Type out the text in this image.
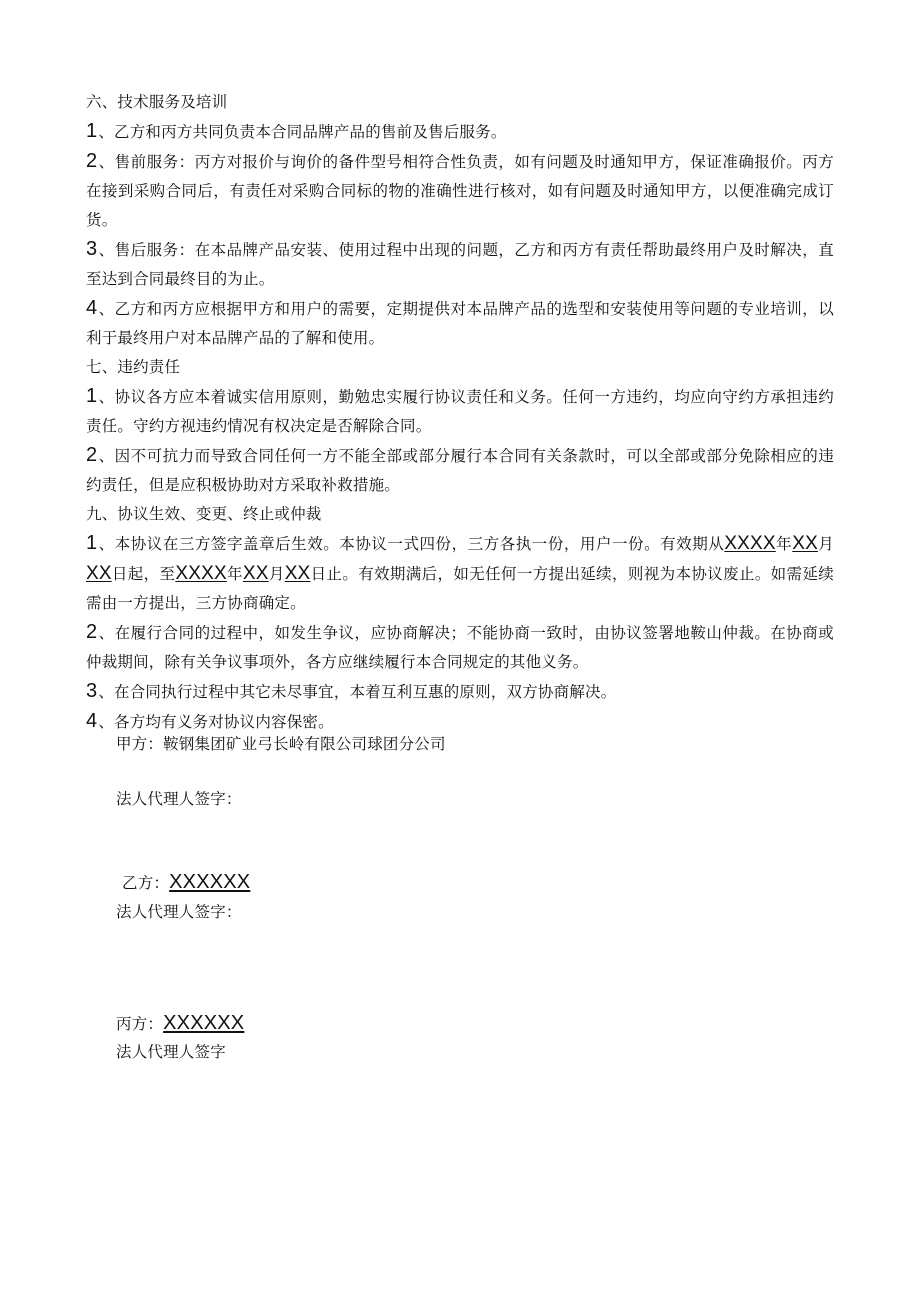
六、技术服务及培训

1、乙方和丙方共同负责本合同品牌产品的售前及售后服务。

2、售前服务：丙方对报价与询价的备件型号相符合性负责，如有问题及时通知甲方，保证准确报价。丙方在接到采购合同后，有责任对采购合同标的物的准确性进行核对，如有问题及时通知甲方，以便准确完成订货。

3、售后服务：在本品牌产品安装、使用过程中出现的问题，乙方和丙方有责任帮助最终用户及时解决，直至达到合同最终目的为止。

4、乙方和丙方应根据甲方和用户的需要，定期提供对本品牌产品的选型和安装使用等问题的专业培训，以利于最终用户对本品牌产品的了解和使用。

七、违约责任

1、协议各方应本着诚实信用原则，勤勉忠实履行协议责任和义务。任何一方违约，均应向守约方承担违约责任。守约方视违约情况有权决定是否解除合同。

2、因不可抗力而导致合同任何一方不能全部或部分履行本合同有关条款时，可以全部或部分免除相应的违约责任，但是应积极协助对方采取补救措施。

九、协议生效、变更、终止或仲裁

1、本协议在三方签字盖章后生效。本协议一式四份，三方各执一份，用户一份。有效期从XXXX年XX月XX日起，至XXXX年XX月XX日止。有效期满后，如无任何一方提出延续，则视为本协议废止。如需延续需由一方提出，三方协商确定。

2、在履行合同的过程中，如发生争议，应协商解决；不能协商一致时，由协议签署地鞍山仲裁。在协商或仲裁期间，除有关争议事项外，各方应继续履行本合同规定的其他义务。

3、在合同执行过程中其它未尽事宜，本着互利互惠的原则，双方协商解决。

4、各方均有义务对协议内容保密。

甲方：鞍钢集团矿业弓长岭有限公司球团分公司
法人代理人签字：
乙方：XXXXXX
法人代理人签字：
丙方：XXXXXX
法人代理人签字
